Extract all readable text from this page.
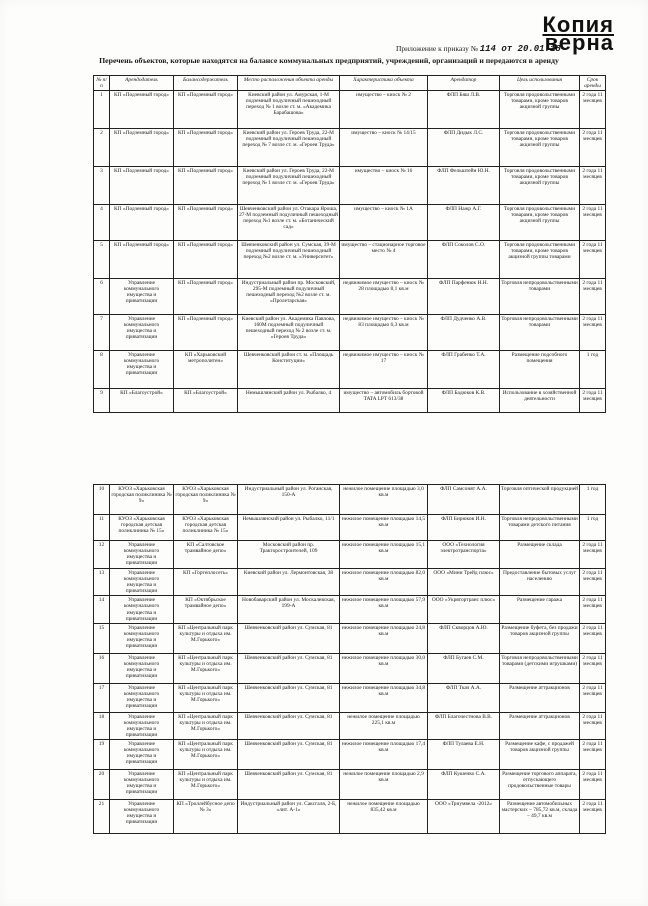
Копия
верна
Приложение к приказу № 114 от 20.01.18
Перечень объектов, которые находятся на балансе коммунальных предприятий, учреждений, организаций и передаются в аренду
№ п/п	Арендодатель	Балансодержатель	Место расположения объекта аренды	Характеристика объекта	Арендатор	Цель использования	Срок аренды
1	КП «Подземный город»	КП «Подземный город»	Киевский район ул. Амурская, 1-М подземный подуличный пешеходный переход № 1 возле ст. м. «Академика Барабашова»	имущество – киоск № 2	ФЛП Бяш Л.В.	Торговля продовольственными товарами, кроме товаров акцизной группы	2 года 11 месяцев
2	КП «Подземный город»	КП «Подземный город»	Киевский район ул. Героев Труда, 22-М подземный подуличный пешеходный переход № 7 возле ст. м. «Героев Труда»	имущество – киоск № 14/15	ФЛП Дидык Л.С.	Торговля продовольственными товарами, кроме товаров акцизной группы	2 года 11 месяцев
3	КП «Подземный город»	КП «Подземный город»	Киевский район ул. Героев Труда, 22-М подземный подуличный пешеходный переход № 1 возле ст. м. «Героев Труда»	имущество – киоск № 16	ФЛП Фельштейн Ю.Н.	Торговля продовольственными товарами, кроме товаров акцизной группы	2 года 11 месяцев
4	КП «Подземный город»	КП «Подземный город»	Шевченковский район ул. Отакара Яроша, 27-М подземный подуличный пешеходный переход №1 возле ст. м. «Ботанический сад»	имущество – киоск № 1А	ФЛП Нажр А.Г.	Торговля продовольственными товарами, кроме товаров акцизной группы	2 года 11 месяцев
5	КП «Подземный город»	КП «Подземный город»	Шевченковский район ул. Сумская, 39-М подземный подуличный пешеходный переход №2 возле ст. м. «Университет»	имущество – стационарное торговое место № 4	ФЛП Соколов С.О.	Торговля продовольственными товарами, кроме товаров акцизной группы товарами	2 года 11 месяцев
6	Управление коммунального имущества и приватизации	КП «Подземный город»	Индустриальный район пр. Московский, 295-М подземный подуличный пешеходный переход №2 возле ст. м. «Пролетарская»	недвижимое имущество – киоск № 28 площадью 8,1 кв.м	ФЛП Парфенюк Н.Н.	Торговля непродовольственными товарами	2 года 11 месяцев
7	Управление коммунального имущества и приватизации	КП «Подземный город»	Киевский район ул. Академика Павлова, 160М подземный подуличный пешеходный переход № 2 возле ст. м. «Героев Труда»	недвижимое имущество – киоск № 83 площадью 6,3 кв.м	ФЛП Дудченко А.В.	Торговля непродовольственными товарами	2 года 11 месяцев
8	Управление коммунального имущества и приватизации	КП «Харьковский метрополитен»	Шевченковский район ст. м. «Площадь Конституции»	недвижимое имущество – киоск № 17	ФЛП Грабенко Т.А.	Размещение подсобного помещения	1 год
9	КП «Благоустрой»	КП «Благоустрой»	Немышлянский район ул. Рыбалко, 4	имущество – автомобиль бортовой TATA LPT 613/38	ФЛП Бадюков К.В.	Использование в хозяйственной деятельности	2 года 11 месяцев
10	КУОЗ «Харьковская городская поликлиника № 9»	КУОЗ «Харьковская городская поликлиника № 9»	Индустриальный район ул. Роганская, 150-А	нежилое помещение площадью 3,0 кв.м	ФЛП Самсонят А.А.	Торговля оптической продукцией	1 год
11	КУОЗ «Харьковская городская детская поликлиника № 15»	КУОЗ «Харьковская городская детская поликлиника № 15»	Немышлянский район ул. Рыбалко, 11/1	нежилое помещение площадью 14,5 кв.м	ФЛП Бирюков И.Н.	Торговля непродовольственными товарами детского питания	1 год
12	Управление коммунального имущества и приватизации	КП «Салтовское трамвайное депо»	Московский район пр. Тракторостроителей, 109	нежилое помещение площадью 15,1 кв.м	ООО «Технология электротранспорта»	Размещение склада	2 года 11 месяцев
13	Управление коммунального имущества и приватизации	КП «Гортеплосеть»	Киевский район ул. Лермонтовская, 38	нежилое помещение площадью 82,0 кв.м	ООО «Мини Трейд плюс»	Предоставление бытовых услуг населению	2 года 11 месяцев
14	Управление коммунального имущества и приватизации	КП «Октябрьское трамвайное депо»	Новобаварский район ул. Москалевская, 199-А	нежилое помещение площадью 57,9 кв.м	ООО «Укрвтортранс плюс»	Размещение гаража	2 года 11 месяцев
15	Управление коммунального имущества и приватизации	КП «Центральный парк культуры и отдыха им. М.Горького»	Шевченковский район ул. Сумская, 81	нежилое помещение площадью 24,8 кв.м	ФЛП Скворцов А.Ю.	Размещение буфета, без продажи товаров акцизной группы	2 года 11 месяцев
16	Управление коммунального имущества и приватизации	КП «Центральный парк культуры и отдыха им. М.Горького»	Шевченковский район ул. Сумская, 81	нежилое помещение площадью 30,0 кв.м	ФЛП Бугаев С.М.	Торговля непродовольственными товарами (детскими игрушками)	2 года 11 месяцев
17	Управление коммунального имущества и приватизации	КП «Центральный парк культуры и отдыха им. М.Горького»	Шевченковский район ул. Сумская, 81	нежилое помещение площадью 34,8 кв.м	ФЛП Ткач А.А.	Размещение аттракционов	2 года 11 месяцев
18	Управление коммунального имущества и приватизации	КП «Центральный парк культуры и отдыха им. М.Горького»	Шевченковский район ул. Сумская, 81	нежилое помещение площадью 225,1 кв.м	ФЛП Благочестнова В.В.	Размещение аттракционов	2 года 11 месяцев
19	Управление коммунального имущества и приватизации	КП «Центральный парк культуры и отдыха им. М.Горького»	Шевченковский район ул. Сумская, 81	нежилое помещение площадью 17,4 кв.м	ФЛП Тулаева Е.Н.	Размещение кафе, с продажей товаров акцизной группы	2 года 11 месяцев
20	Управление коммунального имущества и приватизации	КП «Центральный парк культуры и отдыха им. М.Горького»	Шевченковский район ул. Сумская, 81	нежилое помещение площадью 2,9 кв.м	ФЛП Кушенко С.А.	Размещение торгового аппарата, отпускающего продовольственные товары	2 года 11 месяцев
21	Управление коммунального имущества и приватизации	КП «Троллейбусное депо № 3»	Индустриальный район ул. Саксгаля, 2-Б, «лит. А-1»	нежилое помещение площадью 835,42 кв.м	ООО «Триумвела -2012»	Размещение автомобильных мастерских – 785,72 кв.м, склада – 49,7 кв.м	2 года 11 месяцев
